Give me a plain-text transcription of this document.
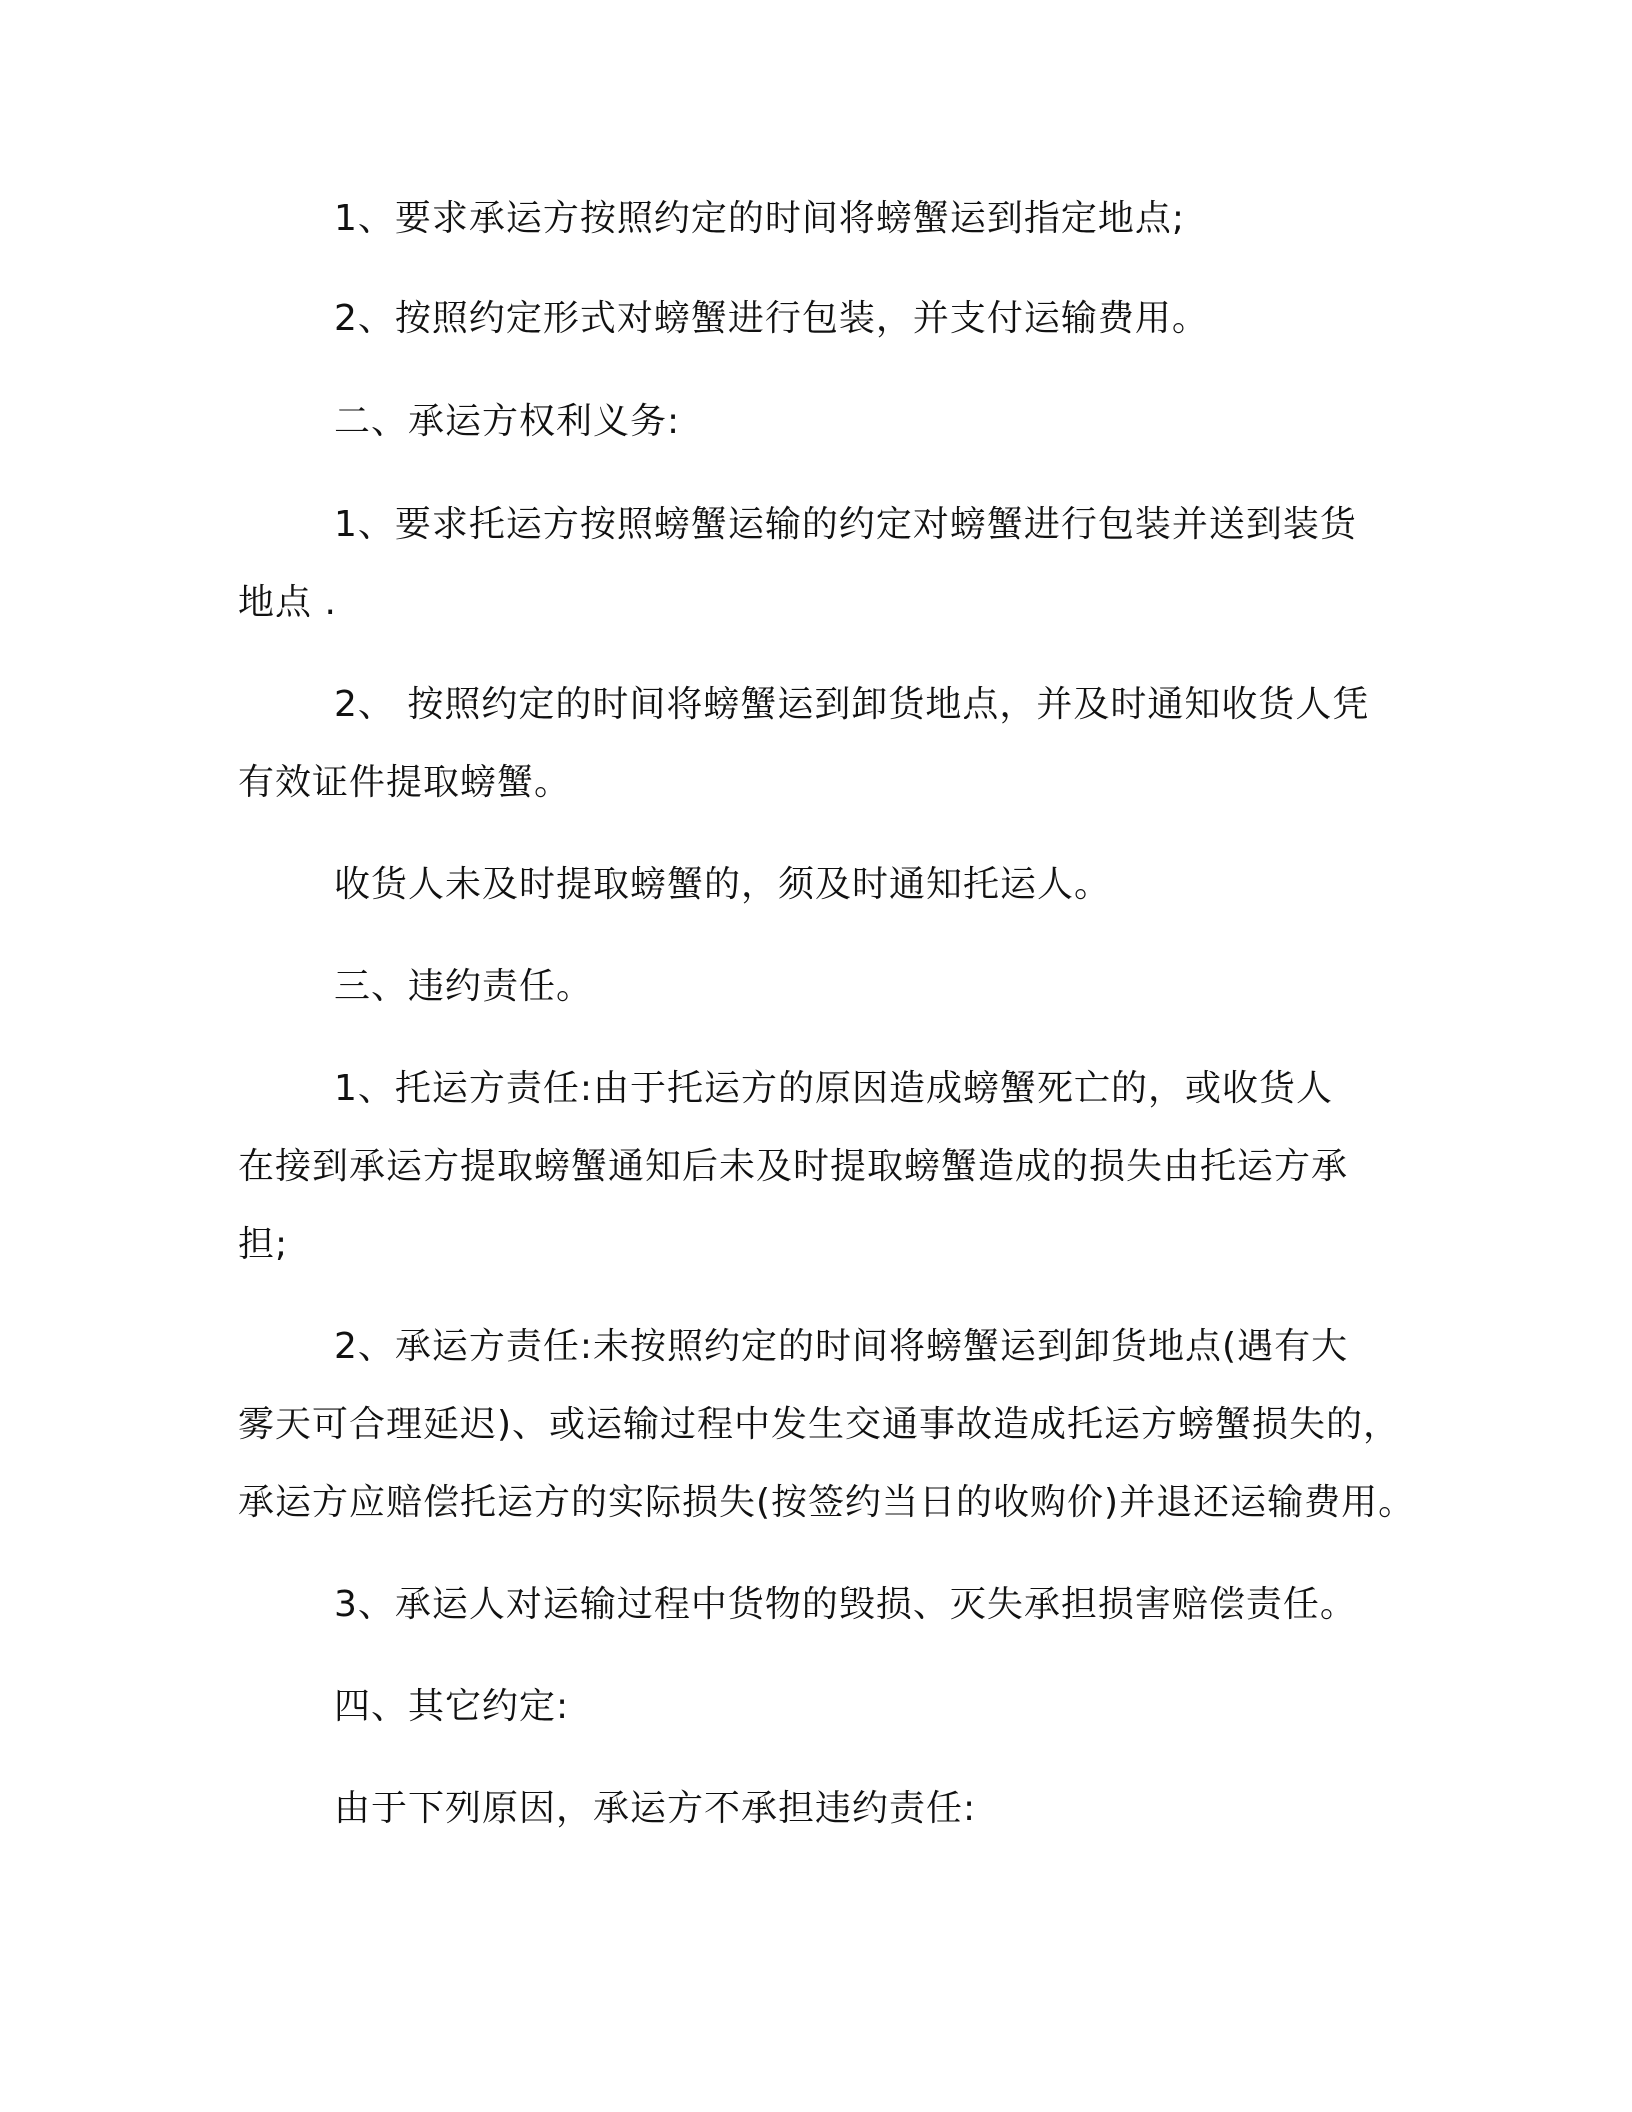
1、要求承运方按照约定的时间将螃蟹运到指定地点;
2、按照约定形式对螃蟹进行包装，并支付运输费用。
二、承运方权利义务:
1、要求托运方按照螃蟹运输的约定对螃蟹进行包装并送到装货
地点 .
2、 按照约定的时间将螃蟹运到卸货地点，并及时通知收货人凭
有效证件提取螃蟹。
收货人未及时提取螃蟹的，须及时通知托运人。
三、违约责任。
1、托运方责任:由于托运方的原因造成螃蟹死亡的，或收货人
在接到承运方提取螃蟹通知后未及时提取螃蟹造成的损失由托运方承
担;
2、承运方责任:未按照约定的时间将螃蟹运到卸货地点(遇有大
雾天可合理延迟)、或运输过程中发生交通事故造成托运方螃蟹损失的，
承运方应赔偿托运方的实际损失(按签约当日的收购价)并退还运输费用。
3、承运人对运输过程中货物的毁损、灭失承担损害赔偿责任。
四、其它约定:
由于下列原因，承运方不承担违约责任:
